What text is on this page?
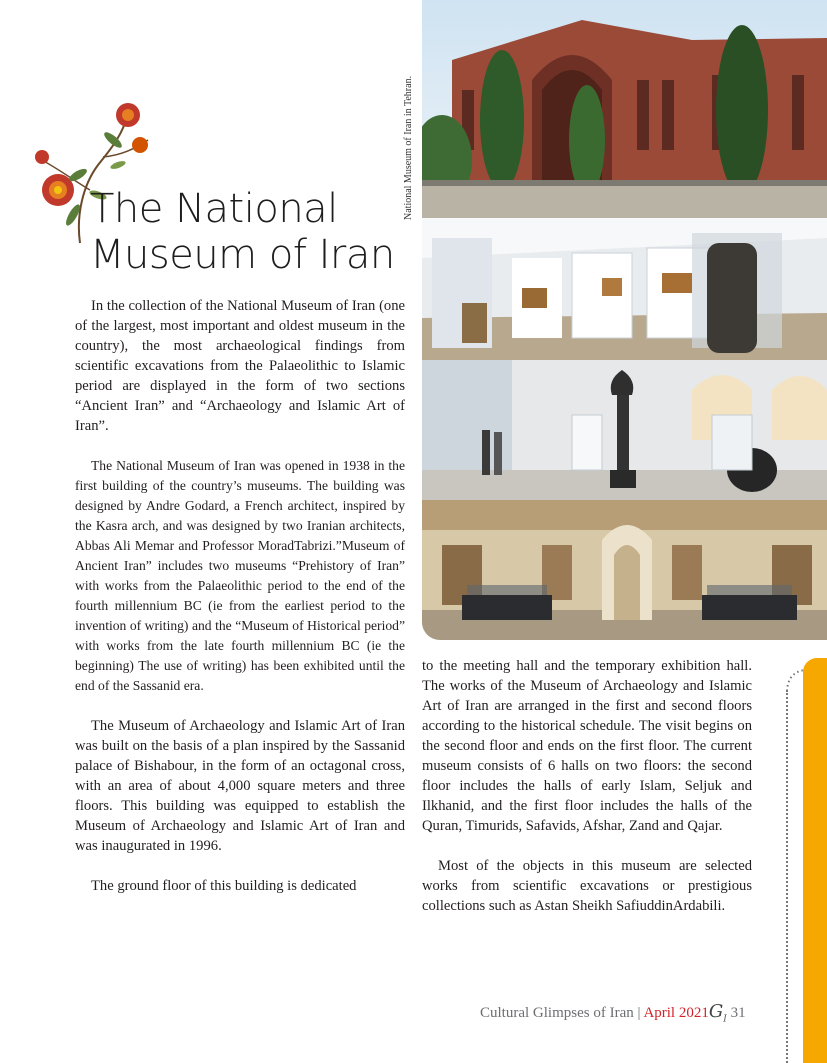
The National
Museum of Iran
National Museum of Iran in Tehran.

In the collection of the National Museum of Iran (one of the largest, most important and oldest museum in the country), the most archaeological findings from scientific excavations from the Palaeolithic to Islamic period are displayed in the form of two sections “Ancient Iran” and “Archaeology and Islamic Art of Iran”.

The National Museum of Iran was opened in 1938 in the first building of the country’s museums. The building was designed by Andre Godard, a French architect, inspired by the Kasra arch, and was designed by two Iranian architects, Abbas Ali Memar and Professor MoradTabrizi.”Museum of Ancient Iran” includes two museums “Prehistory of Iran” with works from the Palaeolithic period to the end of the fourth millennium BC (ie from the earliest period to the invention of writing) and the “Museum of Historical period” with works from the late fourth millennium BC (ie the beginning) The use of writing) has been exhibited until the end of the Sassanid era.

The Museum of Archaeology and Islamic Art of Iran was built on the basis of a plan inspired by the Sassanid palace of Bishabour, in the form of an octagonal cross, with an area of about 4,000 square meters and three floors. This building was equipped to establish the Museum of Archaeology and Islamic Art of Iran and was inaugurated in 1996.

The ground floor of this building is dedicated

to the meeting hall and the temporary exhibition hall. The works of the Museum of Archaeology and Islamic Art of Iran are arranged in the first and second floors according to the historical schedule. The visit begins on the second floor and ends on the first floor. The current museum consists of 6 halls on two floors: the second floor includes the halls of early Islam, Seljuk and Ilkhanid, and the first floor includes the halls of the Quran, Timurids, Safavids, Afshar, Zand and Qajar.

Most of the objects in this museum are selected works from scientific excavations or prestigious collections such as Astan Sheikh SafiuddinArdabili.

Cultural Glimpses of Iran | April $2021G_I$ 31
